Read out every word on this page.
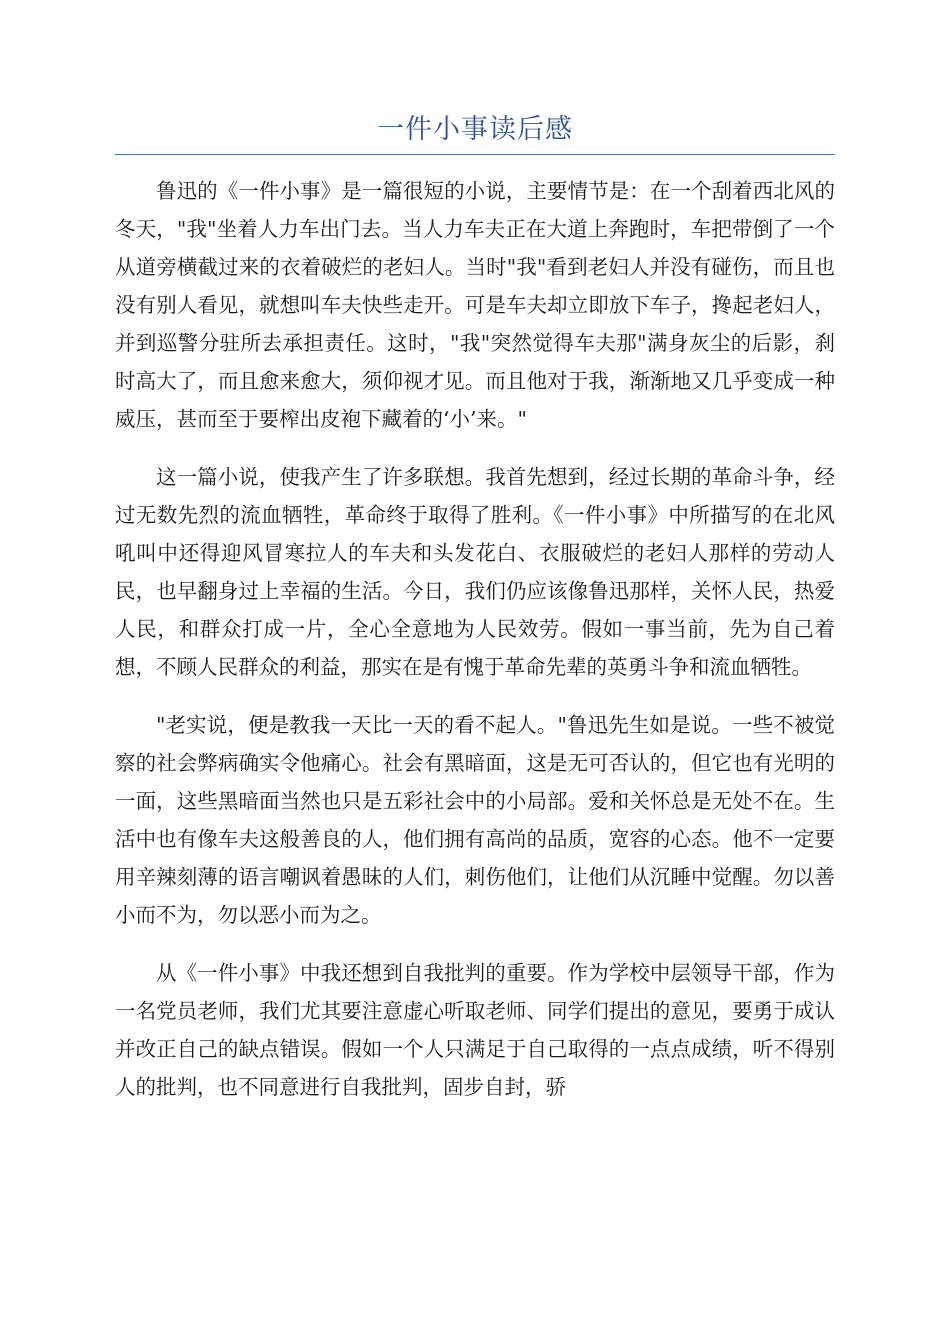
一件小事读后感

鲁迅的《一件小事》是一篇很短的小说，主要情节是：在一个刮着西北风的冬天，"我"坐着人力车出门去。当人力车夫正在大道上奔跑时，车把带倒了一个从道旁横截过来的衣着破烂的老妇人。当时"我"看到老妇人并没有碰伤，而且也没有别人看见，就想叫车夫快些走开。可是车夫却立即放下车子，搀起老妇人，并到巡警分驻所去承担责任。这时，"我"突然觉得车夫那"满身灰尘的后影，刹时高大了，而且愈来愈大，须仰视才见。而且他对于我，渐渐地又几乎变成一种威压，甚而至于要榨出皮袍下藏着的‘小’来。"

这一篇小说，使我产生了许多联想。我首先想到，经过长期的革命斗争，经过无数先烈的流血牺牲，革命终于取得了胜利。《一件小事》中所描写的在北风吼叫中还得迎风冒寒拉人的车夫和头发花白、衣服破烂的老妇人那样的劳动人民，也早翻身过上幸福的生活。今日，我们仍应该像鲁迅那样，关怀人民，热爱人民，和群众打成一片，全心全意地为人民效劳。假如一事当前，先为自己着想，不顾人民群众的利益，那实在是有愧于革命先辈的英勇斗争和流血牺牲。

"老实说，便是教我一天比一天的看不起人。"鲁迅先生如是说。一些不被觉察的社会弊病确实令他痛心。社会有黑暗面，这是无可否认的，但它也有光明的一面，这些黑暗面当然也只是五彩社会中的小局部。爱和关怀总是无处不在。生活中也有像车夫这般善良的人，他们拥有高尚的品质，宽容的心态。他不一定要用辛辣刻薄的语言嘲讽着愚昧的人们，刺伤他们，让他们从沉睡中觉醒。勿以善小而不为，勿以恶小而为之。

从《一件小事》中我还想到自我批判的重要。作为学校中层领导干部，作为一名党员老师，我们尤其要注意虚心听取老师、同学们提出的意见，要勇于成认并改正自己的缺点错误。假如一个人只满足于自己取得的一点点成绩，听不得别人的批判，也不同意进行自我批判，固步自封，骄
